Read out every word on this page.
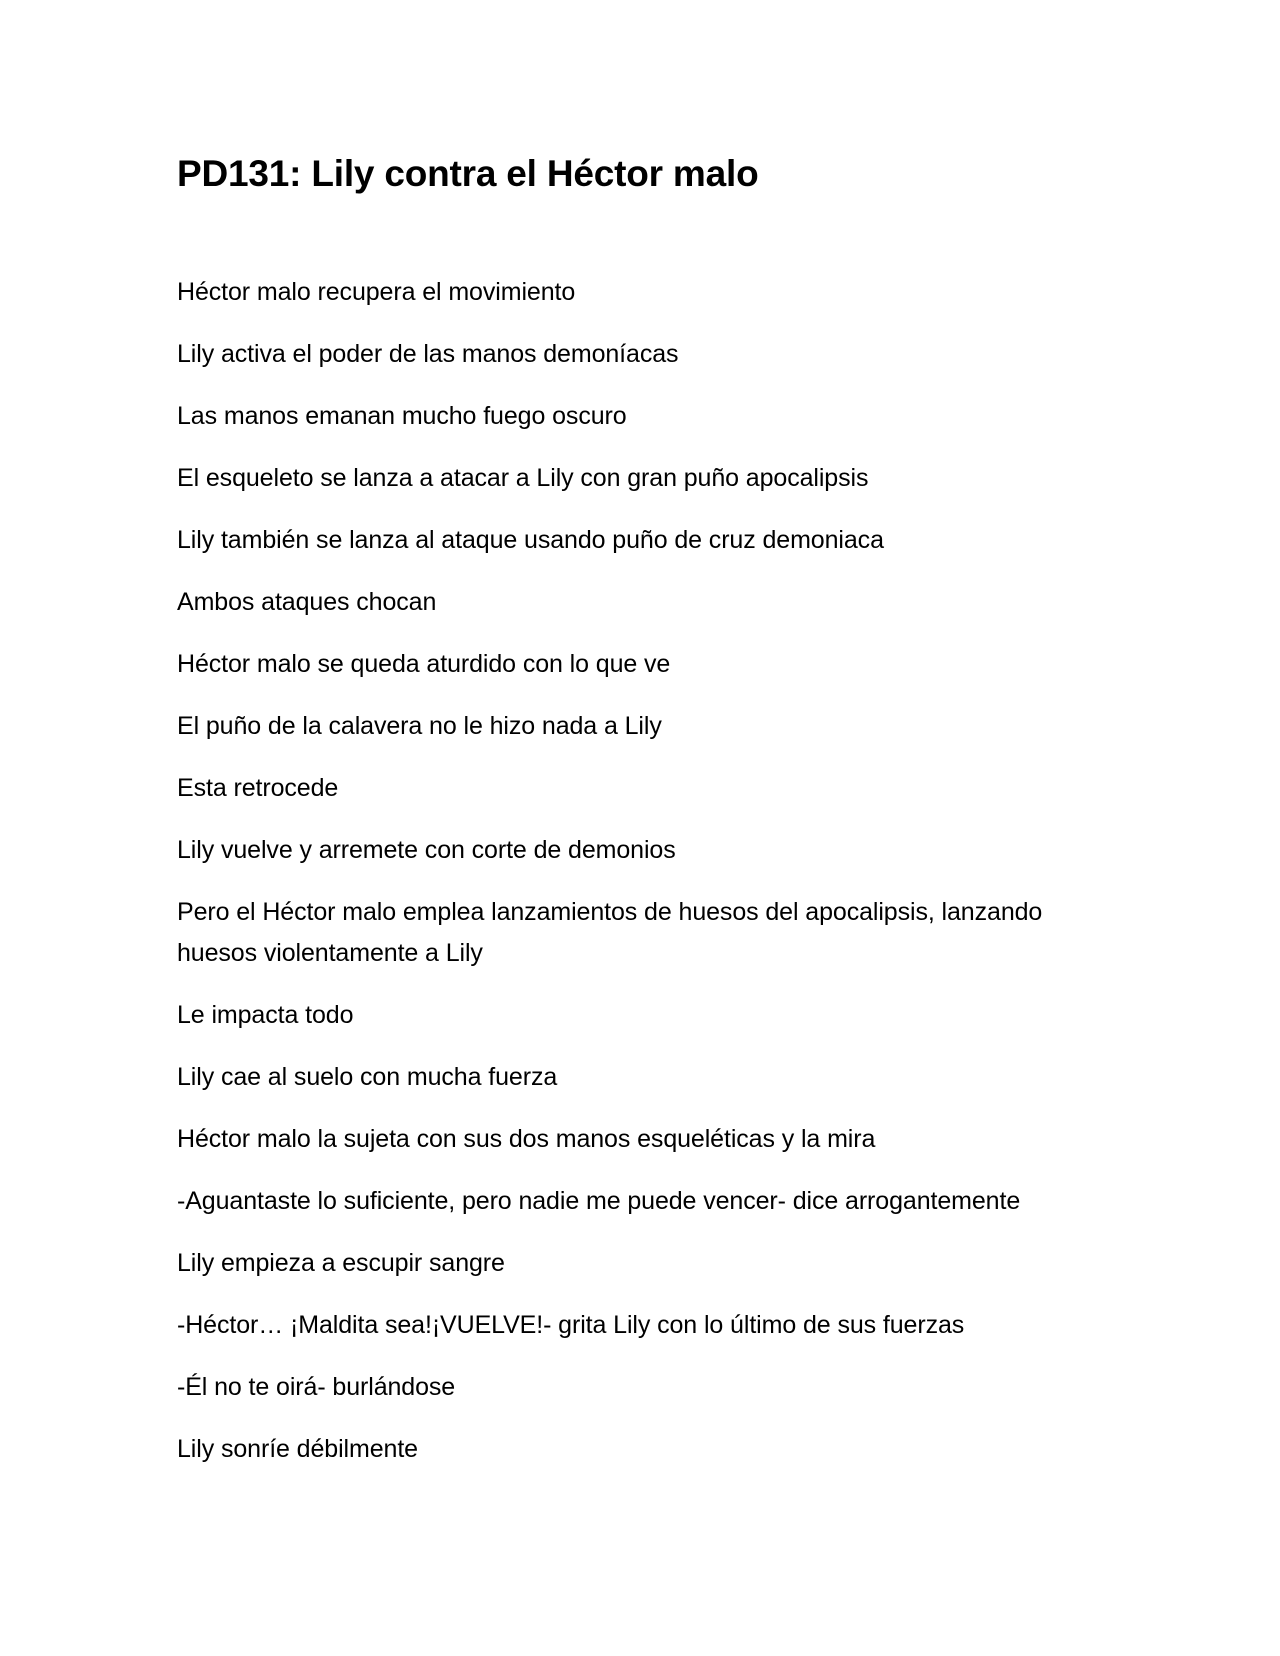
PD131: Lily contra el Héctor malo

Héctor malo recupera el movimiento

Lily activa el poder de las manos demoníacas

Las manos emanan mucho fuego oscuro

El esqueleto se lanza a atacar a Lily con gran puño apocalipsis

Lily también se lanza al ataque usando puño de cruz demoniaca

Ambos ataques chocan

Héctor malo se queda aturdido con lo que ve

El puño de la calavera no le hizo nada a Lily

Esta retrocede

Lily vuelve y arremete con corte de demonios

Pero el Héctor malo emplea lanzamientos de huesos del apocalipsis, lanzando huesos violentamente a Lily

Le impacta todo

Lily cae al suelo con mucha fuerza

Héctor malo la sujeta con sus dos manos esqueléticas y la mira

-Aguantaste lo suficiente, pero nadie me puede vencer- dice arrogantemente

Lily empieza a escupir sangre

-Héctor… ¡Maldita sea!¡VUELVE!- grita Lily con lo último de sus fuerzas

-Él no te oirá- burlándose

Lily sonríe débilmente
